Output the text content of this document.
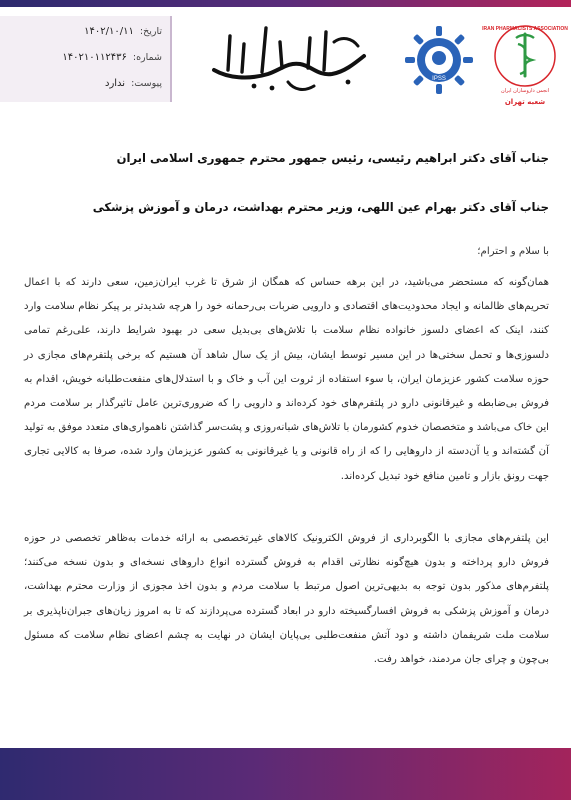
تاریخ:
۱۴۰۲/۱۰/۱۱
شماره:
۱۴۰۲۱۰۱۱۲۴۳۶
پیوست:
ندارد	IPSS
IRAN PHARMACISTS ASSOCIATION
انجمن داروسازان ایران
شعبه تهران
جناب آقای دکتر ابراهیم رئیسی، رئیس جمهور محترم جمهوری اسلامی ایران
جناب آقای دکتر بهرام عین اللهی، وزیر محترم بهداشت، درمان و آموزش پزشکی
با سلام و احترام؛
همان‌گونه که مستحضر می‌باشید، در این برهه حساس که همگان از شرق تا غرب ایران‌زمین، سعی دارند که با اعمال تحریم‌های ظالمانه و ایجاد محدودیت‌های اقتصادی و دارویی ضربات بی‌رحمانه خود را هرچه شدیدتر بر پیکر نظام سلامت وارد کنند، اینک که اعضای دلسوز خانواده نظام سلامت با تلاش‌های بی‌بدیل سعی در بهبود شرایط دارند، علی‌رغم تمامی دلسوزی‌ها و تحمل سختی‌ها در این مسیر توسط ایشان، بیش از یک سال شاهد آن هستیم که برخی پلتفرم‌های مجازی در حوزه سلامت کشور عزیزمان ایران، با سوء استفاده از ثروت این آب و خاک و با استدلال‌های منفعت‌طلبانه خویش، اقدام به فروش بی‌ضابطه و غیرقانونی دارو در پلتفرم‌های خود کرده‌اند و دارویی را که ضروری‌ترین عامل تاثیرگذار بر سلامت مردم این خاک می‌باشد و متخصصان خدوم کشورمان با تلاش‌های شبانه‌روزی و پشت‌سر گذاشتن ناهمواری‌های متعدد موفق به تولید آن گشته‌اند و یا آن‌دسته از داروهایی را که از راه قانونی و یا غیرقانونی به کشور عزیزمان وارد شده، صرفا به کالایی تجاری جهت رونق بازار و تامین منافع خود تبدیل کرده‌اند.
این پلتفرم‌های مجازی با الگوبرداری از فروش الکترونیک کالاهای غیرتخصصی به ارائه خدمات به‌ظاهر تخصصی در حوزه فروش دارو پرداخته و بدون هیچ‌گونه نظارتی اقدام به فروش گسترده انواع داروهای نسخه‌ای و بدون نسخه می‌کنند؛ پلتفرم‌های مذکور بدون توجه به بدیهی‌ترین اصول مرتبط با سلامت مردم و بدون اخذ مجوزی از وزارت محترم بهداشت، درمان و آموزش پزشکی به فروش افسارگسیخته دارو در ابعاد گسترده می‌پردازند که تا به امروز زیان‌های جبران‌ناپذیری بر سلامت ملت شریفمان داشته و دود آتش منفعت‌طلبی بی‌پایان ایشان در نهایت به چشم اعضای نظام سلامت که مسئول بی‌چون و چرای جان مردمند، خواهد رفت.
